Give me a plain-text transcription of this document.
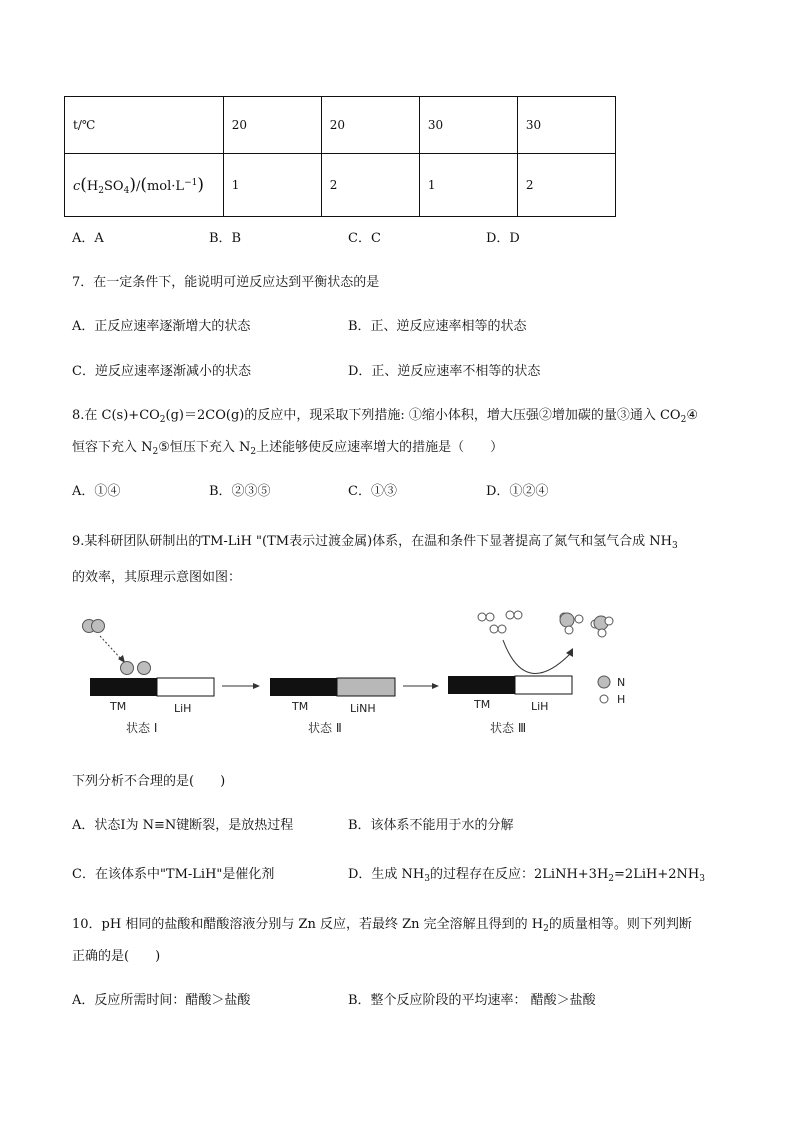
t/℃	20	20	30	30
$c(H_2SO_4)/(mol\cdot L^{-1})$	1	2	1	2
A．A	B．B	C．C	D．D
7．在一定条件下，能说明可逆反应达到平衡状态的是
A．正反应速率逐渐增大的状态	B．正、逆反应速率相等的状态
C．逆反应速率逐渐减小的状态	D．正、逆反应速率不相等的状态
8.在 $C(s)+CO_2(g)=2CO(g)$的反应中，现采取下列措施: ①缩小体积，增大压强②增加碳的量③通入 $CO_2④$
恒容下充入 $N_2⑤$恒压下充入 $N_2$上述能够使反应速率增大的措施是（　　）
A．①④	B．②③⑤	C．①③	D．①②④
9.某科研团队研制出的TM-LiH "(TM表示过渡金属)体系，在温和条件下显著提高了氮气和氢气合成 $NH_3$
的效率，其原理示意图如图：
TM	LiH
状态 Ⅰ
TM	LiNH
状态 Ⅱ
TM	LiH
状态 Ⅲ
N
H
下列分析不合理的是(　　)
A．状态Ⅰ为 N≡N键断裂，是放热过程	B．该体系不能用于水的分解
C．在该体系中"TM-LiH"是催化剂	D．生成 $NH_3$的过程存在反应：$2LiNH+3H_2=2LiH+2NH_3$
10．pH 相同的盐酸和醋酸溶液分别与 Zn 反应，若最终 Zn 完全溶解且得到的 $H_2$的质量相等。则下列判断
正确的是(　　)
A．反应所需时间：醋酸＞盐酸	B．整个反应阶段的平均速率： 醋酸＞盐酸
